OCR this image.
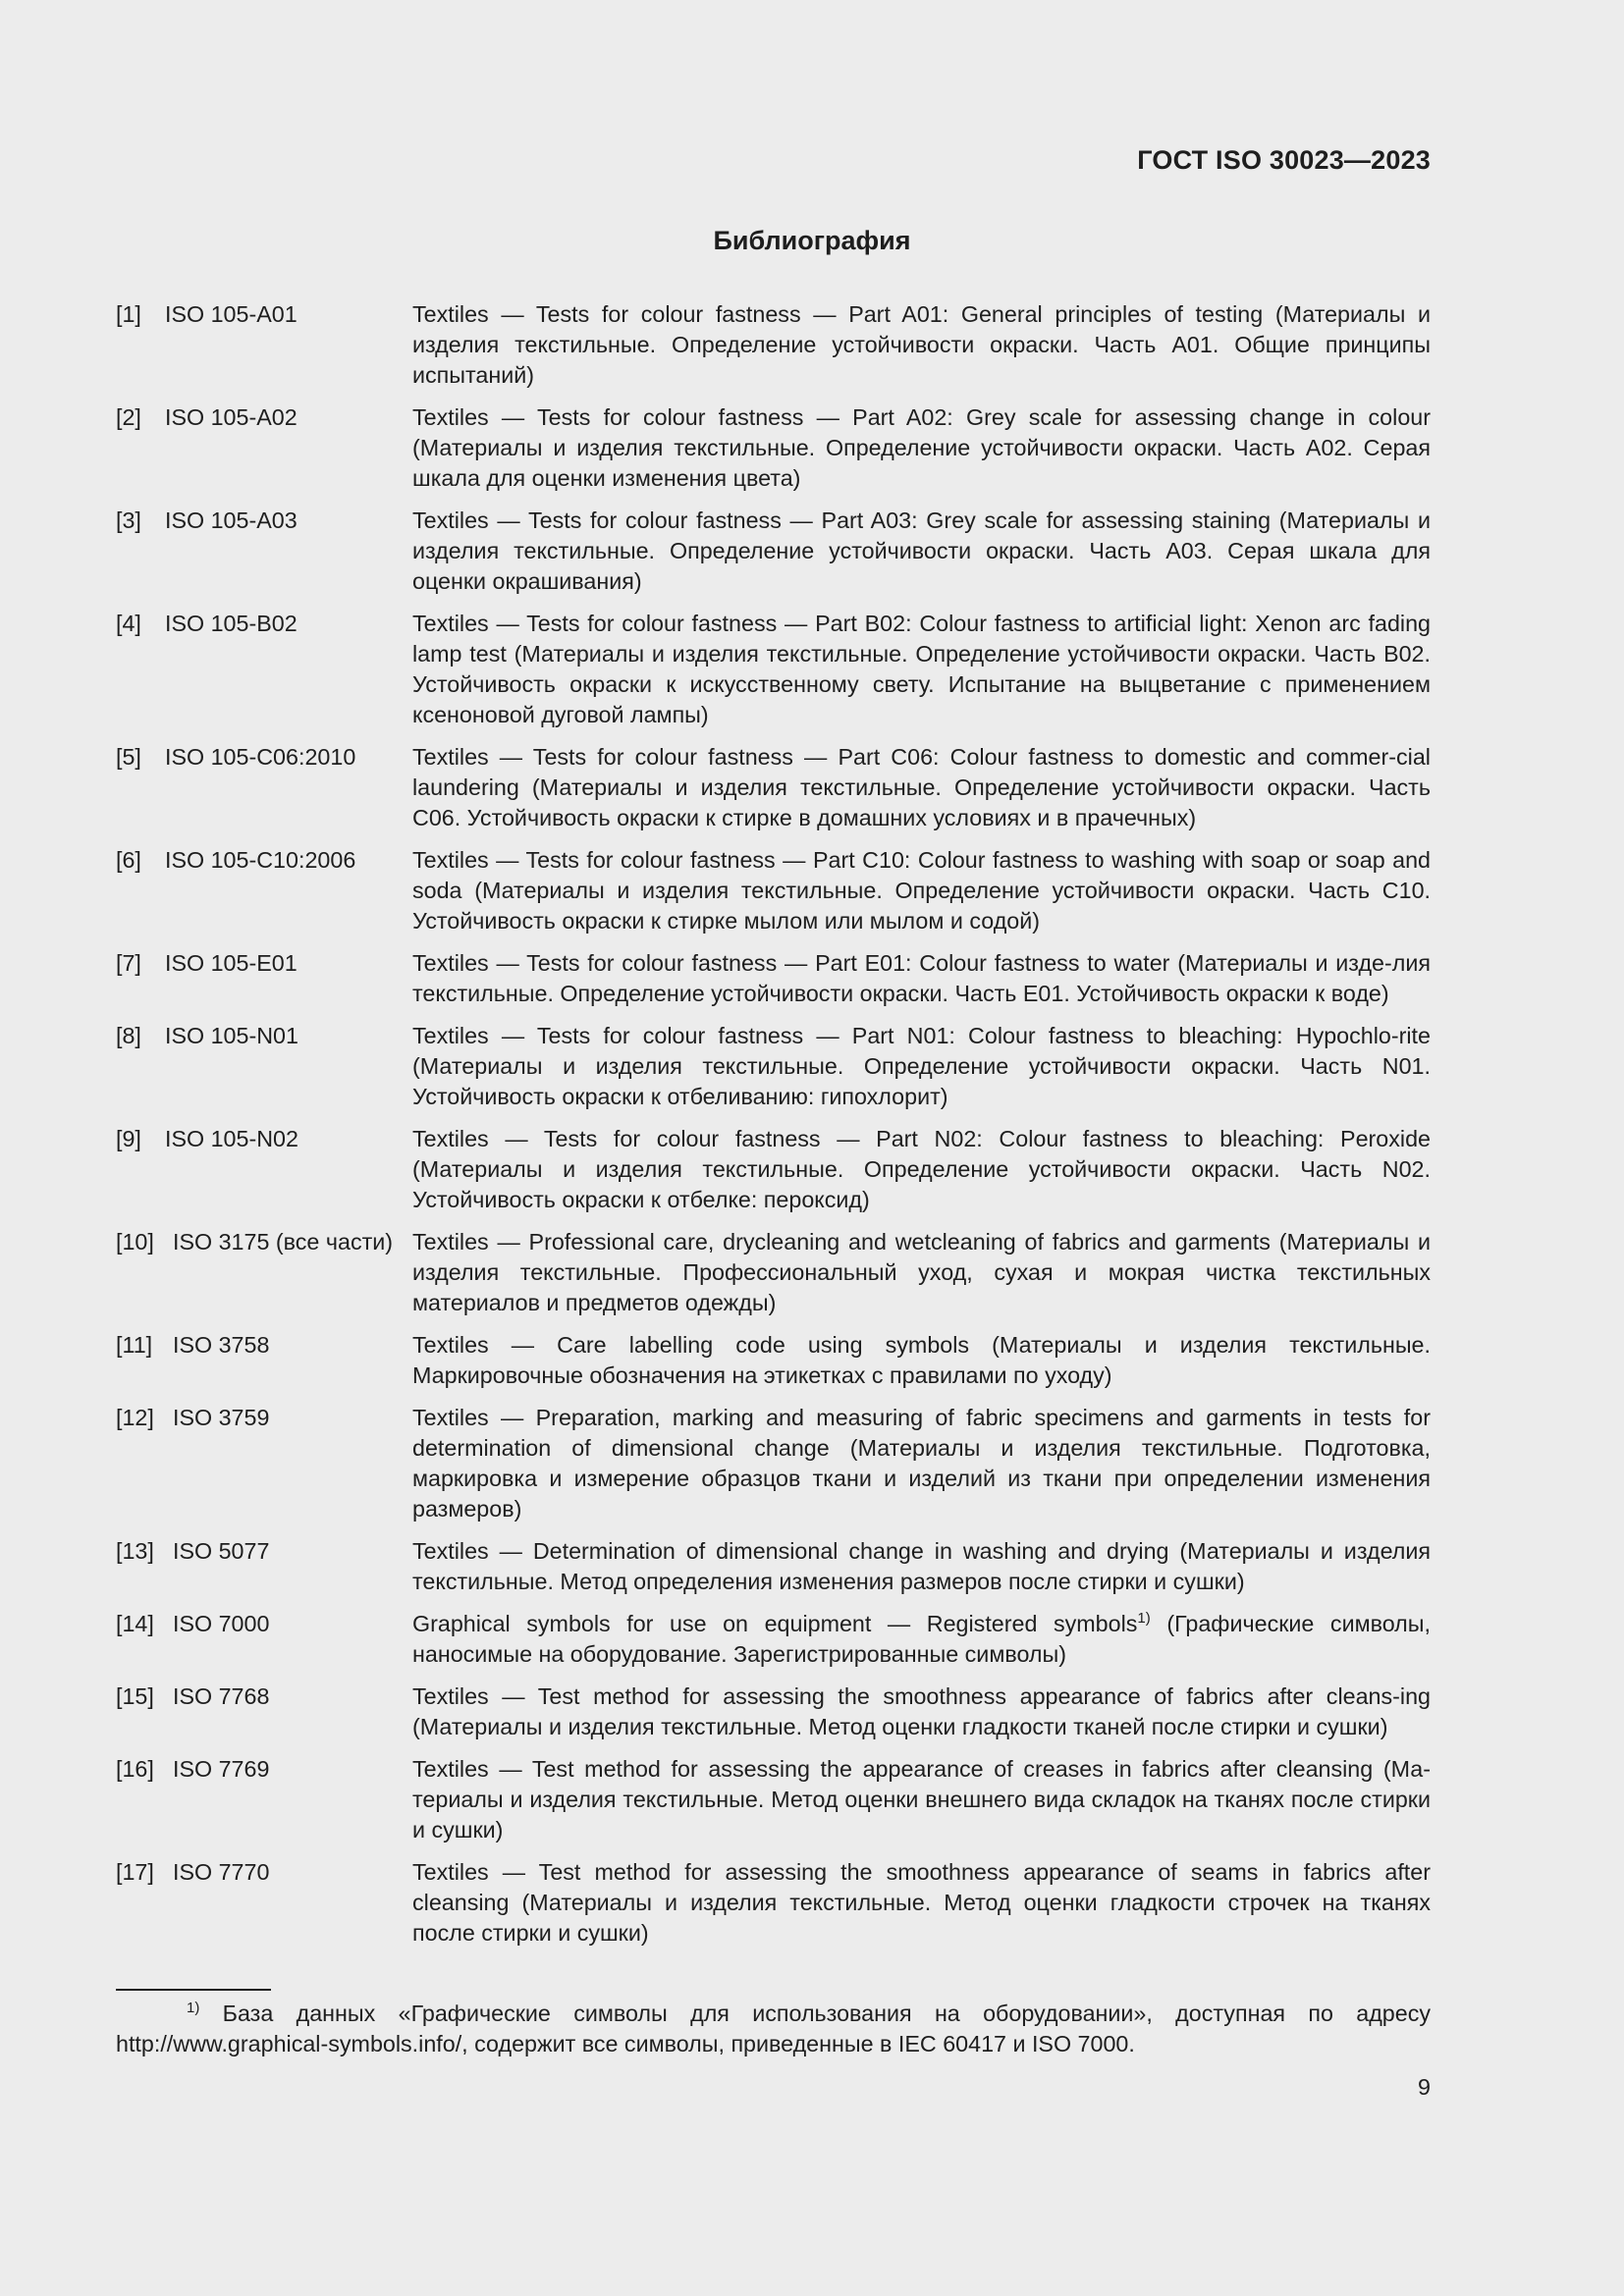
ГОСТ ISO 30023—2023
Библиография
[1] ISO 105-A01	Textiles — Tests for colour fastness — Part A01: General principles of testing (Материалы и изделия текстильные. Определение устойчивости окраски. Часть A01. Общие принципы испытаний)
[2] ISO 105-A02	Textiles — Tests for colour fastness — Part A02: Grey scale for assessing change in colour (Материалы и изделия текстильные. Определение устойчивости окраски. Часть A02. Серая шкала для оценки изменения цвета)
[3] ISO 105-A03	Textiles — Tests for colour fastness — Part A03: Grey scale for assessing staining (Материалы и изделия текстильные. Определение устойчивости окраски. Часть A03. Серая шкала для оценки окрашивания)
[4] ISO 105-B02	Textiles — Tests for colour fastness — Part B02: Colour fastness to artificial light: Xenon arc fading lamp test (Материалы и изделия текстильные. Определение устойчивости окраски. Часть B02. Устойчивость окраски к искусственному свету. Испытание на выцветание с применением ксеноновой дуговой лампы)
[5] ISO 105-C06:2010 Textiles — Tests for colour fastness — Part C06: Colour fastness to domestic and commer-cial laundering (Материалы и изделия текстильные. Определение устойчивости окраски. Часть C06. Устойчивость окраски к стирке в домашних условиях и в прачечных)
[6] ISO 105-C10:2006 Textiles — Tests for colour fastness — Part C10: Colour fastness to washing with soap or soap and soda (Материалы и изделия текстильные. Определение устойчивости окраски. Часть C10. Устойчивость окраски к стирке мылом или мылом и содой)
[7] ISO 105-E01	Textiles — Tests for colour fastness — Part E01: Colour fastness to water (Материалы и изде-лия текстильные. Определение устойчивости окраски. Часть E01. Устойчивость окраски к воде)
[8] ISO 105-N01	Textiles — Tests for colour fastness — Part N01: Colour fastness to bleaching: Hypochlo-rite (Материалы и изделия текстильные. Определение устойчивости окраски. Часть N01. Устойчивость окраски к отбеливанию: гипохлорит)
[9] ISO 105-N02	Textiles — Tests for colour fastness — Part N02: Colour fastness to bleaching: Peroxide (Материалы и изделия текстильные. Определение устойчивости окраски. Часть N02. Устойчивость окраски к отбелке: пероксид)
[10] ISO 3175 (все части) Textiles — Professional care, drycleaning and wetcleaning of fabrics and garments (Материалы и изделия текстильные. Профессиональный уход, сухая и мокрая чистка текстильных материалов и предметов одежды)
[11] ISO 3758	Textiles — Care labelling code using symbols (Материалы и изделия текстильные. Маркировочные обозначения на этикетках с правилами по уходу)
[12] ISO 3759	Textiles — Preparation, marking and measuring of fabric specimens and garments in tests for determination of dimensional change (Материалы и изделия текстильные. Подготовка, маркировка и измерение образцов ткани и изделий из ткани при определении изменения размеров)
[13] ISO 5077	Textiles — Determination of dimensional change in washing and drying (Материалы и изделия текстильные. Метод определения изменения размеров после стирки и сушки)
[14] ISO 7000	Graphical symbols for use on equipment — Registered symbols$^{1)}$ (Графические символы, наносимые на оборудование. Зарегистрированные символы)
[15] ISO 7768	Textiles — Test method for assessing the smoothness appearance of fabrics after cleans-ing (Материалы и изделия текстильные. Метод оценки гладкости тканей после стирки и сушки)
[16] ISO 7769	Textiles — Test method for assessing the appearance of creases in fabrics after cleansing (Ма-териалы и изделия текстильные. Метод оценки внешнего вида складок на тканях после стирки и сушки)
[17] ISO 7770	Textiles — Test method for assessing the smoothness appearance of seams in fabrics after cleansing (Материалы и изделия текстильные. Метод оценки гладкости строчек на тканях после стирки и сушки)
$^{1)}$ База данных «Графические символы для использования на оборудовании», доступная по адресу http://www.graphical-symbols.info/, содержит все символы, приведенные в IEC 60417 и ISO 7000.
9
